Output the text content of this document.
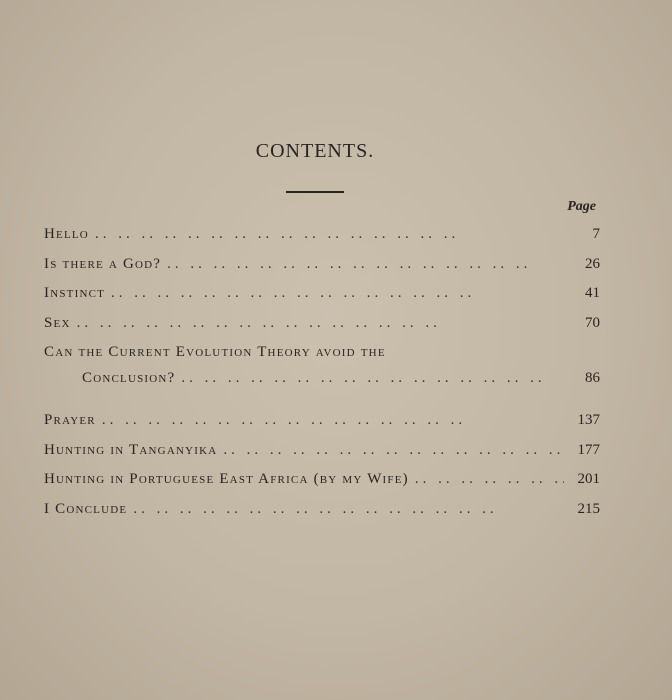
CONTENTS.
Page
Hello ..	7
Is there a God? ..	26
Instinct ..	41
Sex ..	70
Can the Current Evolution Theory avoid the
Conclusion? ..	86
Prayer ..	137
Hunting in Tanganyika ..	177
Hunting in Portuguese East Africa (by my Wife) ..	201
I Conclude ..	215
